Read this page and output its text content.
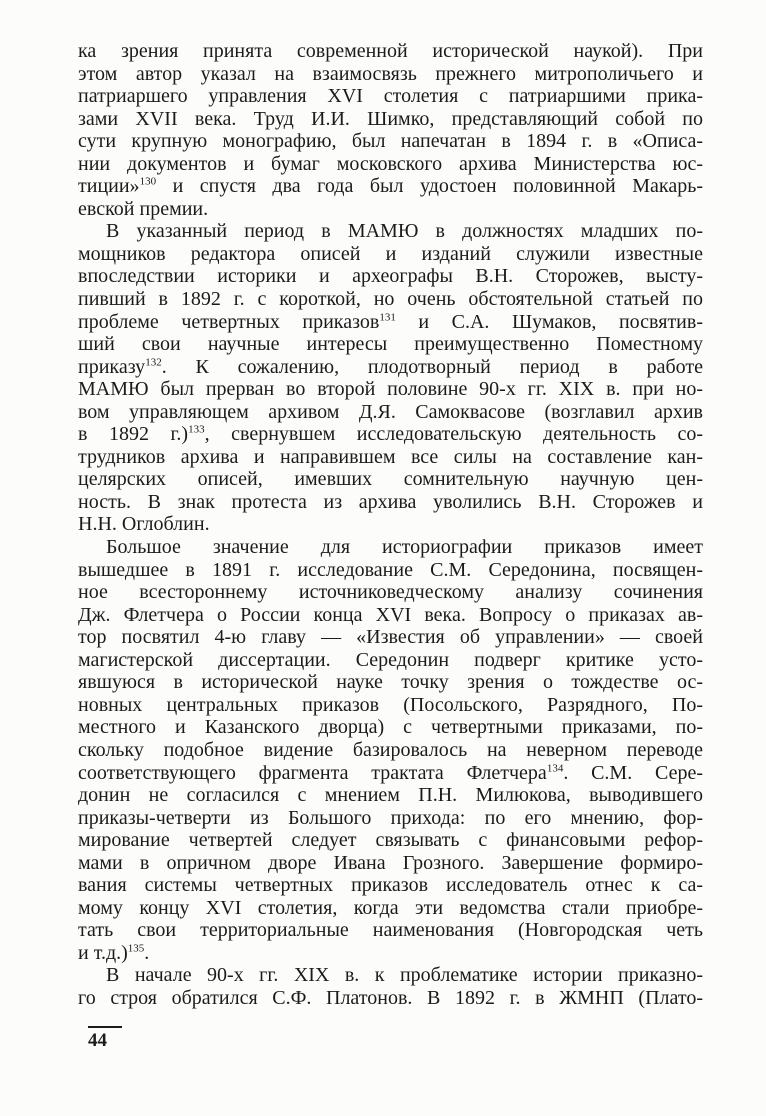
ка зрения принята современной исторической наукой). При
этом автор указал на взаимосвязь прежнего митрополичьего и
патриаршего управления XVI столетия с патриаршими прика-
зами XVII века. Труд И.И. Шимко, представляющий собой по
сути крупную монографию, был напечатан в 1894 г. в «Описа-
нии документов и бумаг московского архива Министерства юс-
тиции»$^{130}$ и спустя два года был удостоен половинной Макарь-
евской премии.
В указанный период в МАМЮ в должностях младших по-
мощников редактора описей и изданий служили известные
впоследствии историки и археографы В.Н. Сторожев, высту-
пивший в 1892 г. с короткой, но очень обстоятельной статьей по
проблеме четвертных приказов$^{131}$ и С.А. Шумаков, посвятив-
ший свои научные интересы преимущественно Поместному
приказу$^{132}$. К сожалению, плодотворный период в работе
МАМЮ был прерван во второй половине 90-х гг. XIX в. при но-
вом управляющем архивом Д.Я. Самоквасове (возглавил архив
в 1892 г.)$^{133}$, свернувшем исследовательскую деятельность со-
трудников архива и направившем все силы на составление кан-
целярских описей, имевших сомнительную научную цен-
ность. В знак протеста из архива уволились В.Н. Сторожев и
Н.Н. Оглоблин.
Большое значение для историографии приказов имеет
вышедшее в 1891 г. исследование С.М. Середонина, посвящен-
ное всестороннему источниковедческому анализу сочинения
Дж. Флетчера о России конца XVI века. Вопросу о приказах ав-
тор посвятил 4-ю главу — «Известия об управлении» — своей
магистерской диссертации. Середонин подверг критике усто-
явшуюся в исторической науке точку зрения о тождестве ос-
новных центральных приказов (Посольского, Разрядного, По-
местного и Казанского дворца) с четвертными приказами, по-
скольку подобное видение базировалось на неверном переводе
соответствующего фрагмента трактата Флетчера$^{134}$. С.М. Сере-
донин не согласился с мнением П.Н. Милюкова, выводившего
приказы-четверти из Большого прихода: по его мнению, фор-
мирование четвертей следует связывать с финансовыми рефор-
мами в опричном дворе Ивана Грозного. Завершение формиро-
вания системы четвертных приказов исследователь отнес к са-
мому концу XVI столетия, когда эти ведомства стали приобре-
тать свои территориальные наименования (Новгородская четь
и т.д.)$^{135}$.
В начале 90-х гг. XIX в. к проблематике истории приказно-
го строя обратился С.Ф. Платонов. В 1892 г. в ЖМНП (Плато-
44
